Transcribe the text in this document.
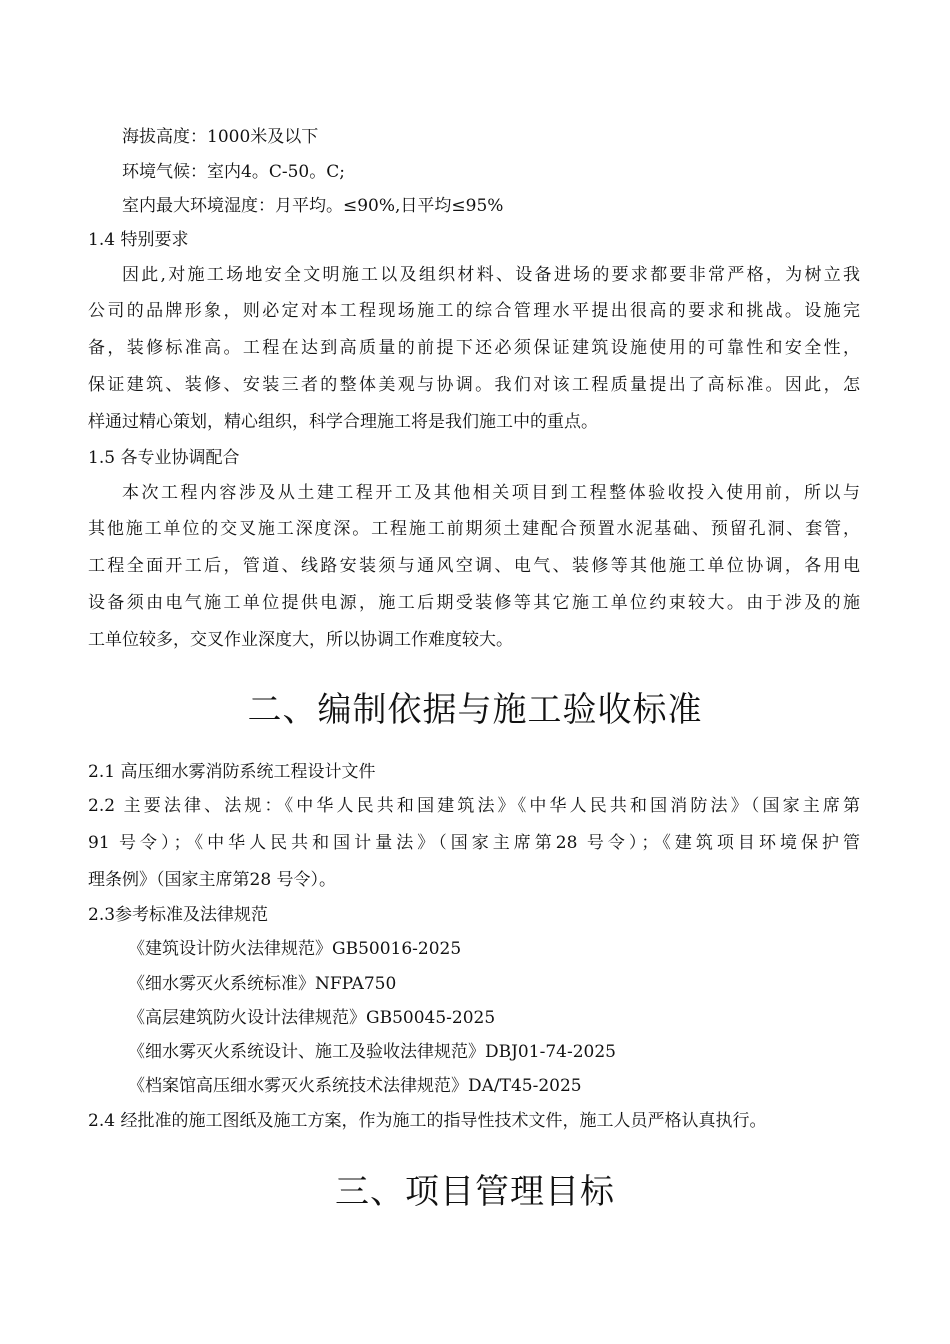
海拔高度：1000米及以下
环境气候：室内4。C-50。C;
室内最大环境湿度：月平均。≤90%,日平均≤95%
1.4 特别要求
因此,对施工场地安全文明施工以及组织材料、设备进场的要求都要非常严格，为树立我
公司的品牌形象，则必定对本工程现场施工的综合管理水平提出很高的要求和挑战。设施完
备，装修标准高。工程在达到高质量的前提下还必须保证建筑设施使用的可靠性和安全性，
保证建筑、装修、安装三者的整体美观与协调。我们对该工程质量提出了高标准。因此，怎
样通过精心策划，精心组织，科学合理施工将是我们施工中的重点。
1.5 各专业协调配合
本次工程内容涉及从土建工程开工及其他相关项目到工程整体验收投入使用前，所以与
其他施工单位的交叉施工深度深。工程施工前期须土建配合预置水泥基础、预留孔洞、套管，
工程全面开工后，管道、线路安装须与通风空调、电气、装修等其他施工单位协调，各用电
设备须由电气施工单位提供电源，施工后期受装修等其它施工单位约束较大。由于涉及的施
工单位较多，交叉作业深度大，所以协调工作难度较大。
二、编制依据与施工验收标准
2.1 高压细水雾消防系统工程设计文件
2.2 主要法律、法规：《中华人民共和国建筑法》《中华人民共和国消防法》（国家主席第
91 号令）；《中华人民共和国计量法》（国家主席第28 号令）；《建筑项目环境保护管
理条例》（国家主席第28 号令）。
2.3参考标准及法律规范
《建筑设计防火法律规范》GB50016-2025
《细水雾灭火系统标准》NFPA750
《高层建筑防火设计法律规范》GB50045-2025
《细水雾灭火系统设计、施工及验收法律规范》DBJ01-74-2025
《档案馆高压细水雾灭火系统技术法律规范》DA/T45-2025
2.4 经批准的施工图纸及施工方案，作为施工的指导性技术文件，施工人员严格认真执行。
三、项目管理目标
